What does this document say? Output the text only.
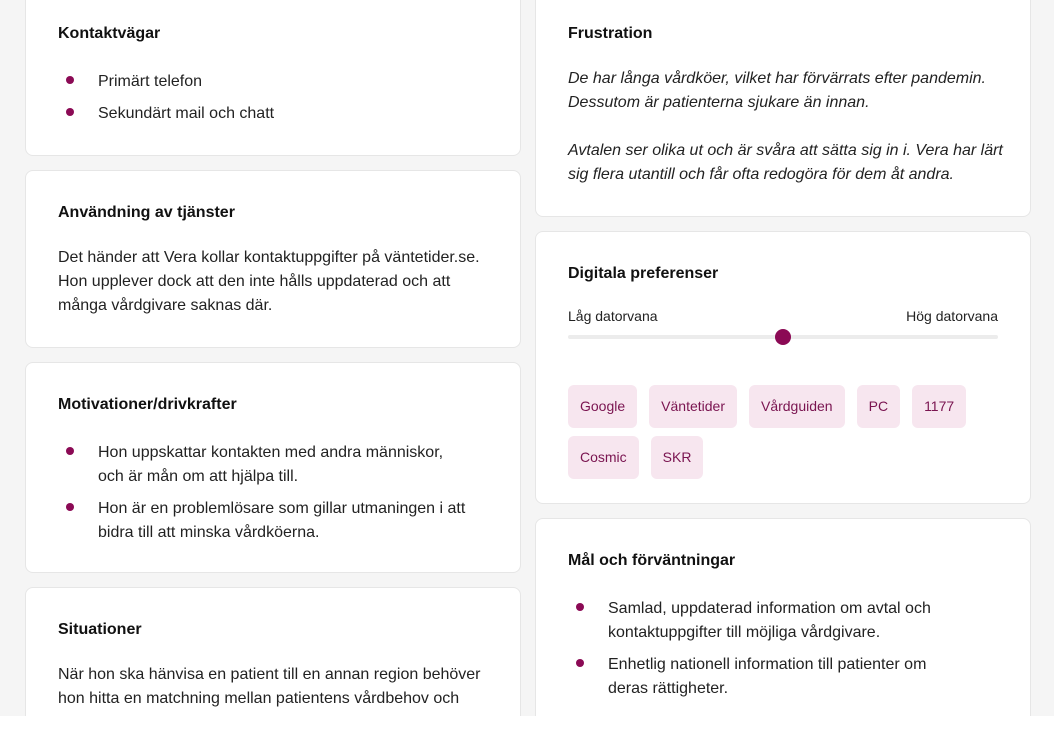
Kontaktvägar
Primärt telefon
Sekundärt mail och chatt
Användning av tjänster

Det händer att Vera kollar kontaktuppgifter på väntetider.se.
Hon upplever dock att den inte hålls uppdaterad och att
många vårdgivare saknas där.

Motivationer/drivkrafter
Hon uppskattar kontakten med andra människor,
och är mån om att hjälpa till.
Hon är en problemlösare som gillar utmaningen i att
bidra till att minska vårdköerna.
Situationer

När hon ska hänvisa en patient till en annan region behöver
hon hitta en matchning mellan patientens vårdbehov och

Frustration

De har långa vårdköer, vilket har förvärrats efter pandemin.
Dessutom är patienterna sjukare än innan.

Avtalen ser olika ut och är svåra att sätta sig in i. Vera har lärt
sig flera utantill och får ofta redogöra för dem åt andra.

Digitala preferenser
Låg datorvana	Hög datorvana
Google	Väntetider	Vårdguiden	PC	1177
Cosmic	SKR
Mål och förväntningar
Samlad, uppdaterad information om avtal och
kontaktuppgifter till möjliga vårdgivare.
Enhetlig nationell information till patienter om
deras rättigheter.
